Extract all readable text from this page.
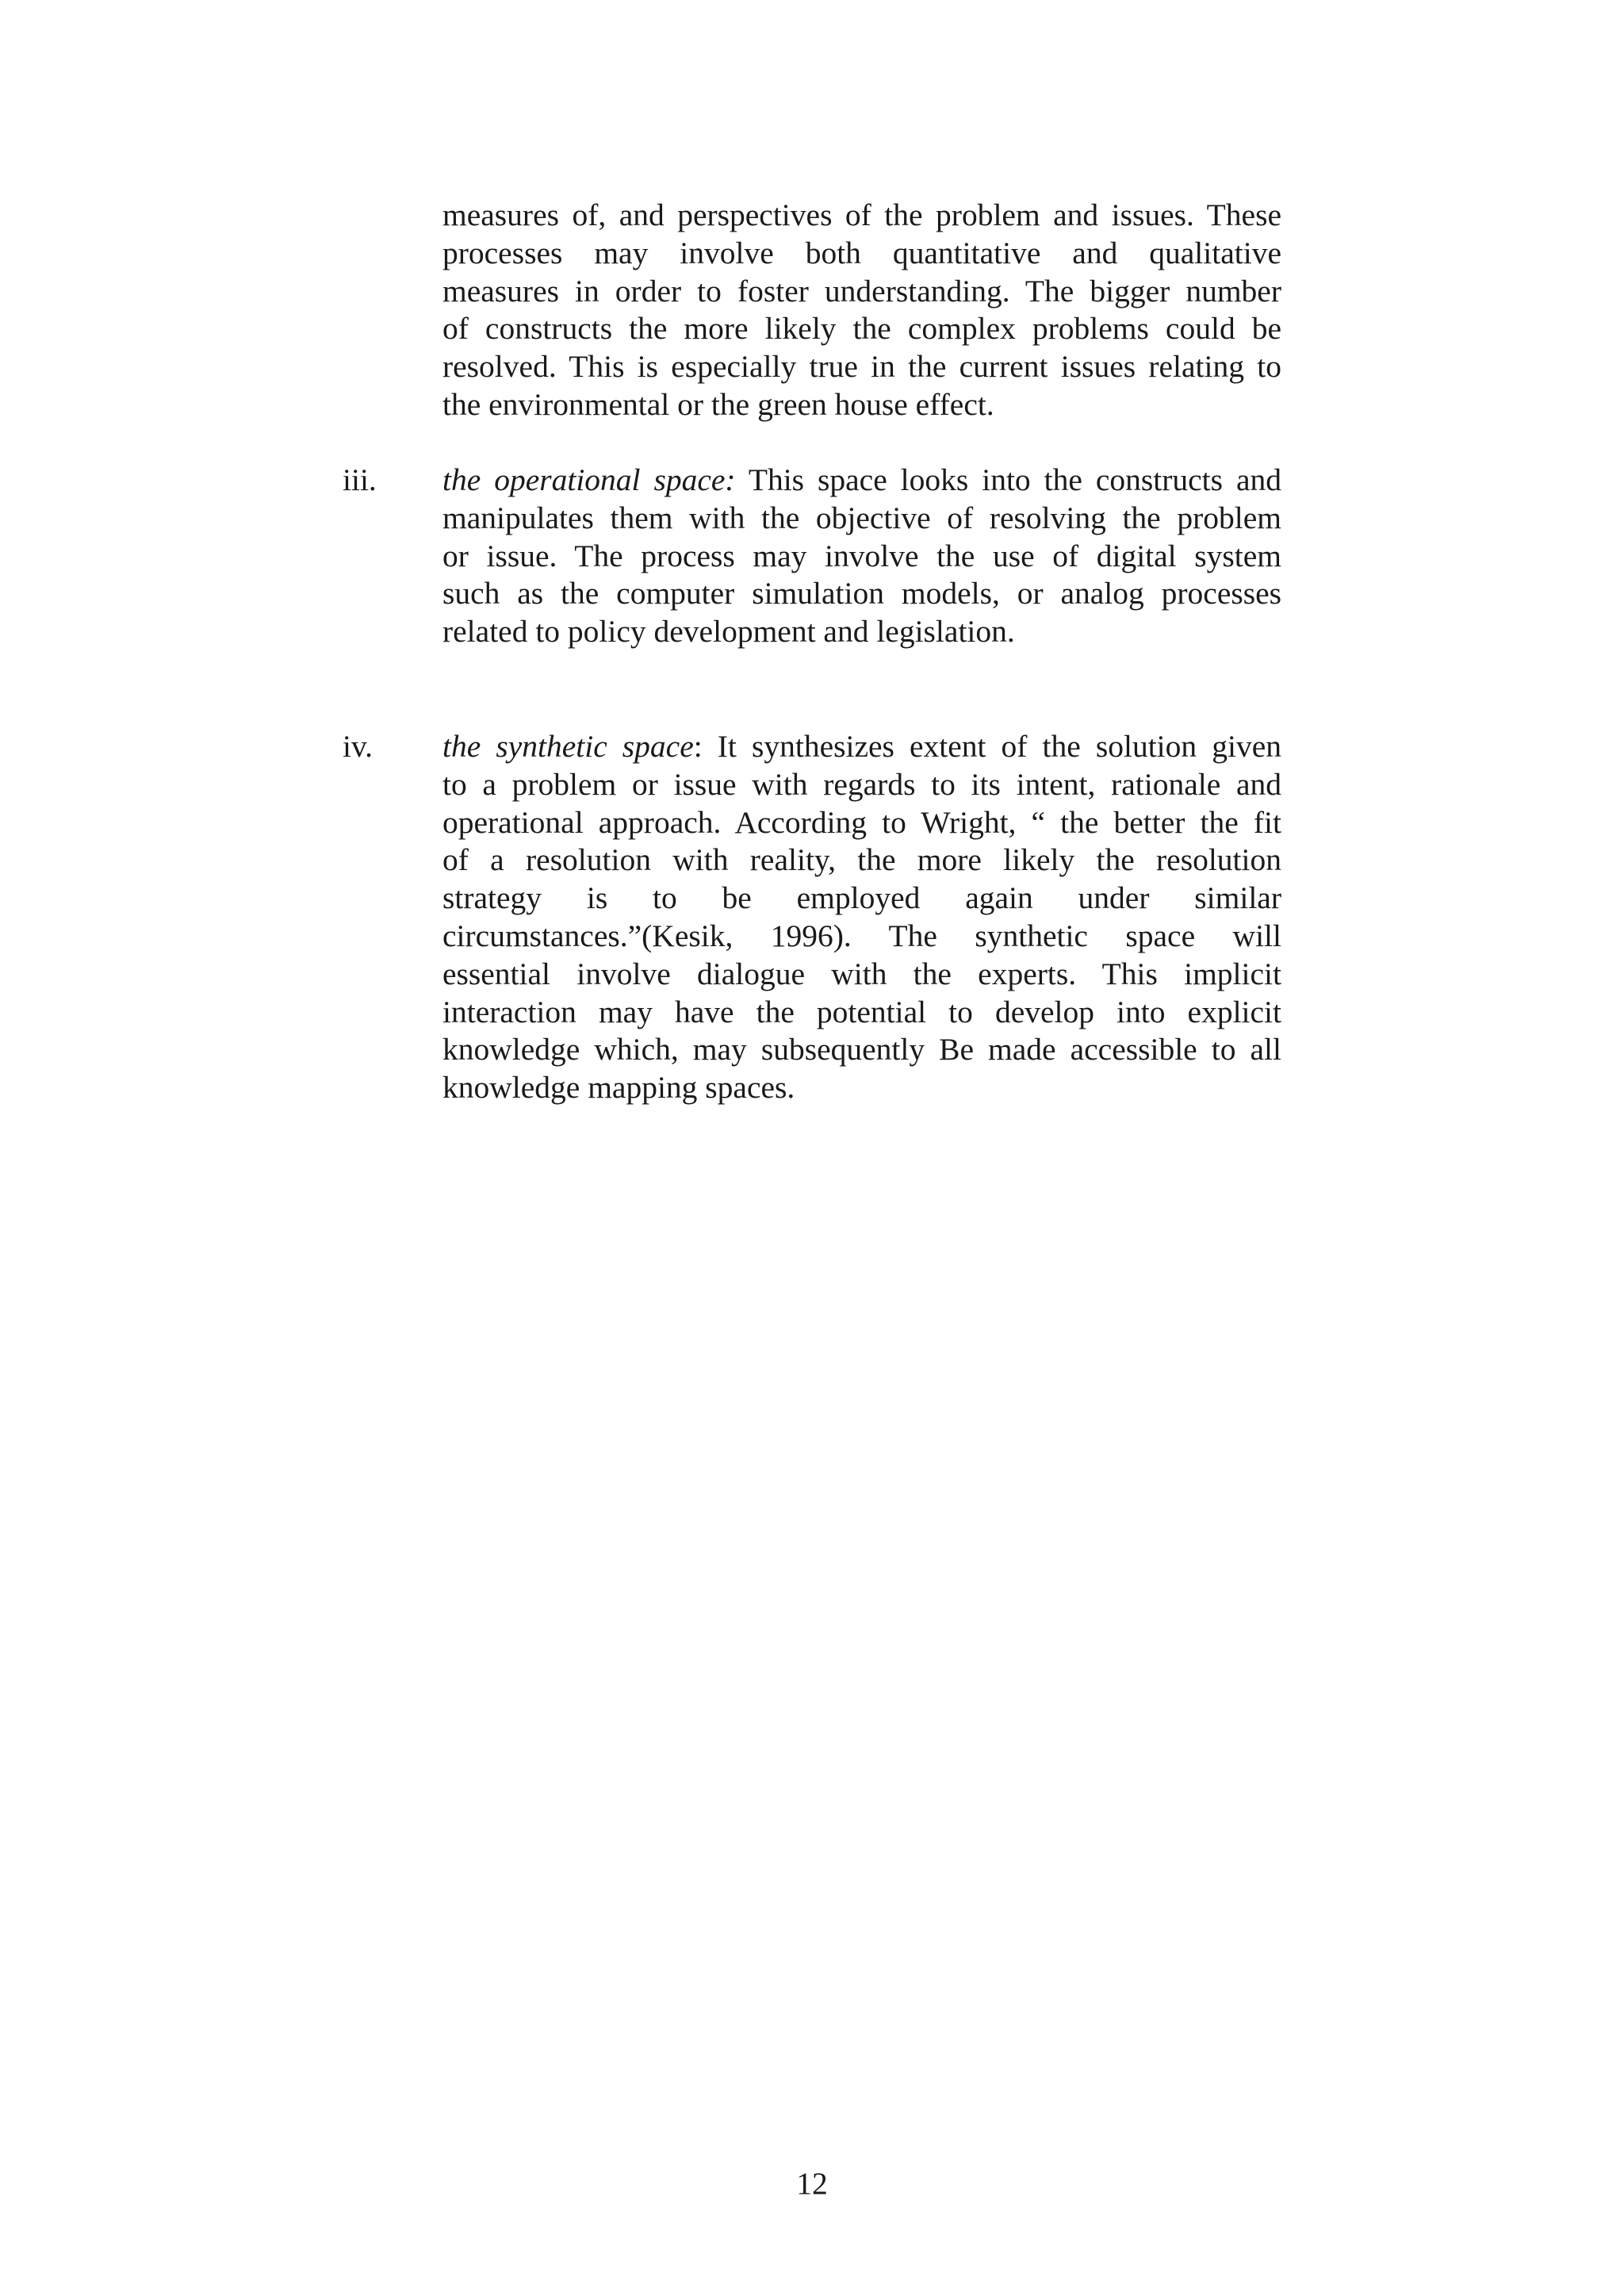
measures of, and perspectives of the problem and issues. These
processes may involve both quantitative and qualitative
measures in order to foster understanding. The bigger number
of constructs the more likely the complex problems could be
resolved. This is especially true in the current issues relating to
the environmental or the green house effect.
iii. the operational space: This space looks into the constructs and
manipulates them with the objective of resolving the problem
or issue. The process may involve the use of digital system
such as the computer simulation models, or analog processes
related to policy development and legislation.
iv. the synthetic space: It synthesizes extent of the solution given
to a problem or issue with regards to its intent, rationale and
operational approach. According to Wright, “ the better the fit
of a resolution with reality, the more likely the resolution
strategy is to be employed again under similar
circumstances.”(Kesik, 1996). The synthetic space will
essential involve dialogue with the experts. This implicit
interaction may have the potential to develop into explicit
knowledge which, may subsequently Be made accessible to all
knowledge mapping spaces.
12
